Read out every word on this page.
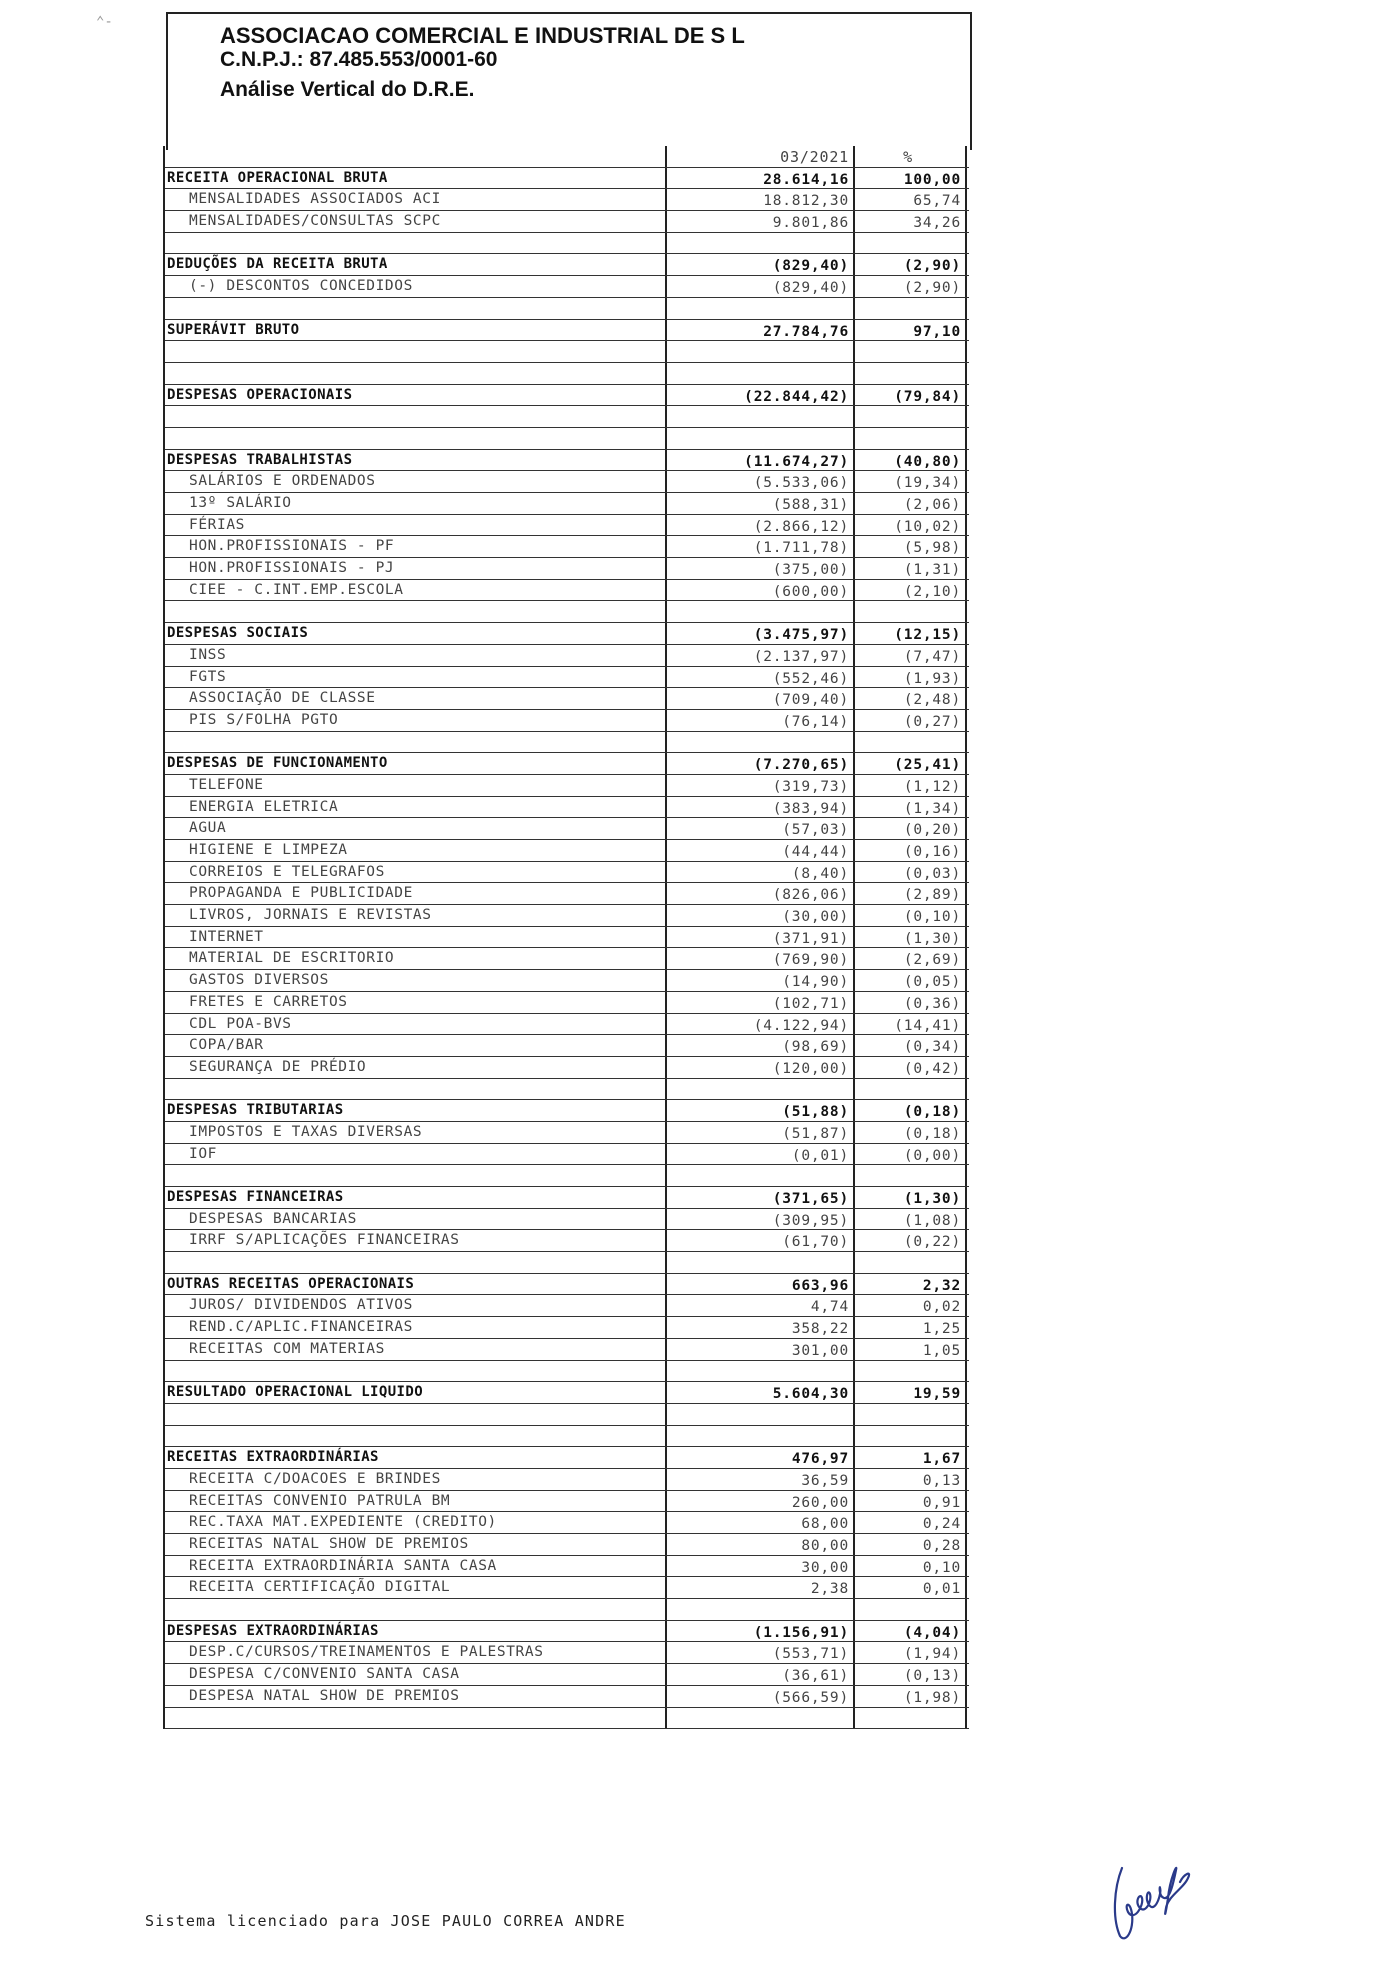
⌃-
ASSOCIACAO COMERCIAL E INDUSTRIAL DE S L
C.N.P.J.: 87.485.553/0001-60
Análise Vertical do D.R.E.
03/2021	%
RECEITA OPERACIONAL BRUTA	28.614,16	100,00
MENSALIDADES ASSOCIADOS ACI	18.812,30	65,74
MENSALIDADES/CONSULTAS SCPC	9.801,86	34,26
DEDUÇÕES DA RECEITA BRUTA	(829,40)	(2,90)
(-) DESCONTOS CONCEDIDOS	(829,40)	(2,90)
SUPERÁVIT BRUTO	27.784,76	97,10
DESPESAS OPERACIONAIS	(22.844,42)	(79,84)
DESPESAS TRABALHISTAS	(11.674,27)	(40,80)
SALÁRIOS E ORDENADOS	(5.533,06)	(19,34)
13º SALÁRIO	(588,31)	(2,06)
FÉRIAS	(2.866,12)	(10,02)
HON.PROFISSIONAIS - PF	(1.711,78)	(5,98)
HON.PROFISSIONAIS - PJ	(375,00)	(1,31)
CIEE - C.INT.EMP.ESCOLA	(600,00)	(2,10)
DESPESAS SOCIAIS	(3.475,97)	(12,15)
INSS	(2.137,97)	(7,47)
FGTS	(552,46)	(1,93)
ASSOCIAÇÃO DE CLASSE	(709,40)	(2,48)
PIS S/FOLHA PGTO	(76,14)	(0,27)
DESPESAS DE FUNCIONAMENTO	(7.270,65)	(25,41)
TELEFONE	(319,73)	(1,12)
ENERGIA ELETRICA	(383,94)	(1,34)
AGUA	(57,03)	(0,20)
HIGIENE E LIMPEZA	(44,44)	(0,16)
CORREIOS E TELEGRAFOS	(8,40)	(0,03)
PROPAGANDA E PUBLICIDADE	(826,06)	(2,89)
LIVROS, JORNAIS E REVISTAS	(30,00)	(0,10)
INTERNET	(371,91)	(1,30)
MATERIAL DE ESCRITORIO	(769,90)	(2,69)
GASTOS DIVERSOS	(14,90)	(0,05)
FRETES E CARRETOS	(102,71)	(0,36)
CDL POA-BVS	(4.122,94)	(14,41)
COPA/BAR	(98,69)	(0,34)
SEGURANÇA DE PRÉDIO	(120,00)	(0,42)
DESPESAS TRIBUTARIAS	(51,88)	(0,18)
IMPOSTOS E TAXAS DIVERSAS	(51,87)	(0,18)
IOF	(0,01)	(0,00)
DESPESAS FINANCEIRAS	(371,65)	(1,30)
DESPESAS BANCARIAS	(309,95)	(1,08)
IRRF S/APLICAÇÕES FINANCEIRAS	(61,70)	(0,22)
OUTRAS RECEITAS OPERACIONAIS	663,96	2,32
JUROS/ DIVIDENDOS ATIVOS	4,74	0,02
REND.C/APLIC.FINANCEIRAS	358,22	1,25
RECEITAS COM MATERIAS	301,00	1,05
RESULTADO OPERACIONAL LIQUIDO	5.604,30	19,59
RECEITAS EXTRAORDINÁRIAS	476,97	1,67
RECEITA C/DOACOES E BRINDES	36,59	0,13
RECEITAS CONVENIO PATRULA BM	260,00	0,91
REC.TAXA MAT.EXPEDIENTE (CREDITO)	68,00	0,24
RECEITAS NATAL SHOW DE PREMIOS	80,00	0,28
RECEITA EXTRAORDINÁRIA SANTA CASA	30,00	0,10
RECEITA CERTIFICAÇÃO DIGITAL	2,38	0,01
DESPESAS EXTRAORDINÁRIAS	(1.156,91)	(4,04)
DESP.C/CURSOS/TREINAMENTOS E PALESTRAS	(553,71)	(1,94)
DESPESA C/CONVENIO SANTA CASA	(36,61)	(0,13)
DESPESA NATAL SHOW DE PREMIOS	(566,59)	(1,98)
Sistema licenciado para JOSE PAULO CORREA ANDRE
